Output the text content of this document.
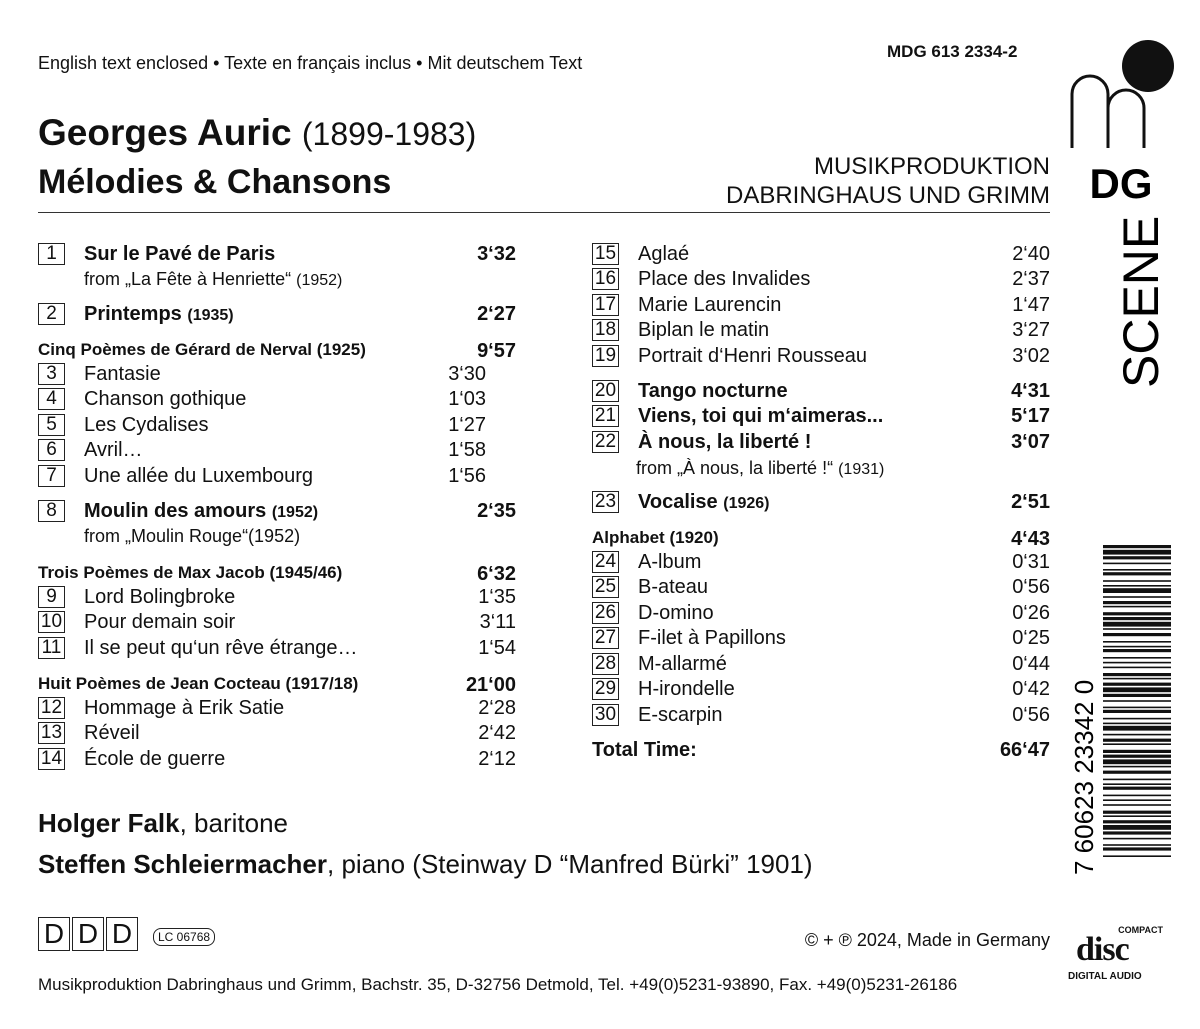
English text enclosed • Texte en français inclus • Mit deutschem Text
MDG 613 2334-2
Georges Auric (1899-1983)
Mélodies & Chansons	MUSIKPRODUKTION
DABRINGHAUS UND GRIMM
1	Sur le Pavé de Paris	3‘32
from „La Fête à Henriette“ (1952)
2	Printemps (1935)	2‘27
Cinq Poèmes de Gérard de Nerval (1925)	9‘57
3	Fantasie	3‘30
4	Chanson gothique	1‘03
5	Les Cydalises	1‘27
6	Avril…	1‘58
7	Une allée du Luxembourg	1‘56
8	Moulin des amours (1952)	2‘35
from „Moulin Rouge“(1952)
Trois Poèmes de Max Jacob (1945/46)	6‘32
9	Lord Bolingbroke	1‘35
10 Pour demain soir	3‘11
11 Il se peut qu‘un rêve étrange…	1‘54
Huit Poèmes de Jean Cocteau (1917/18)	21‘00
12 Hommage à Erik Satie	2‘28
13 Réveil	2‘42
14 École de guerre	2‘12
15 Aglaé	2‘40
16 Place des Invalides	2‘37
17 Marie Laurencin	1‘47
18 Biplan le matin	3‘27
19 Portrait d‘Henri Rousseau	3‘02
20 Tango nocturne	4‘31
21 Viens, toi qui m‘aimeras...	5‘17
22 À nous, la liberté !	3‘07
from „À nous, la liberté !“ (1931)
23 Vocalise (1926)	2‘51
Alphabet (1920)	4‘43
24 A-lbum	0‘31
25 B-ateau	0‘56
26 D-omino	0‘26
27 F-ilet à Papillons	0‘25
28 M-allarmé	0‘44
29 H-irondelle	0‘42
30 E-scarpin	0‘56
Total Time:	66‘47
Holger Falk, baritone
Steffen Schleiermacher, piano (Steinway D “Manfred Bürki” 1901)
D D D	LC 06768	© + ℗ 2024, Made in Germany
Musikproduktion Dabringhaus und Grimm, Bachstr. 35, D-32756 Detmold, Tel. +49(0)5231-93890, Fax. +49(0)5231-26186
DG
SCENE
7 60623 23342 0
COMPACT
disc
DIGITAL AUDIO
